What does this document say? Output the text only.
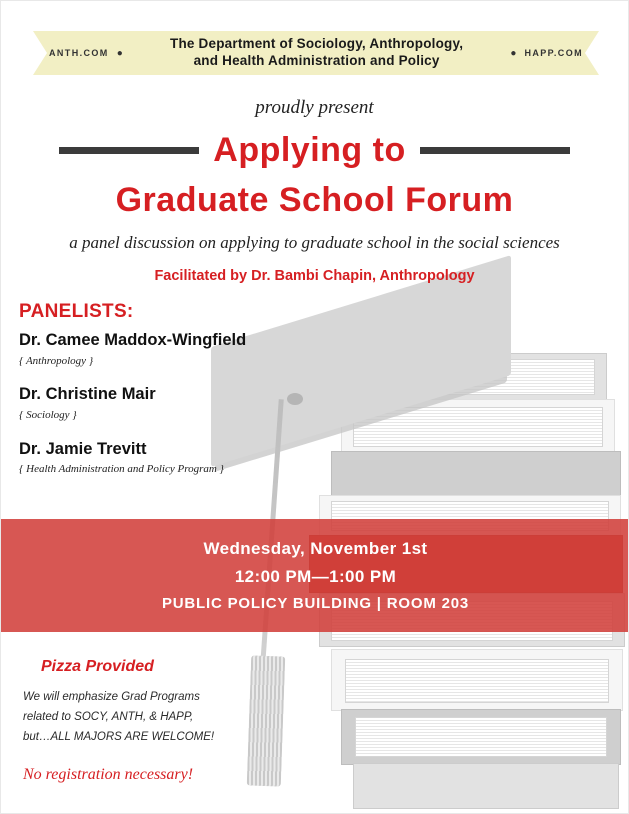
ANTH.COM ●
The Department of Sociology, Anthropology,
and Health Administration and Policy	● HAPP.COM
proudly present
Applying to
Graduate School Forum
a panel discussion on applying to graduate school in the social sciences
Facilitated by Dr. Bambi Chapin, Anthropology
PANELISTS:
Dr. Camee Maddox-Wingfield
{ Anthropology }
Dr. Christine Mair
{ Sociology }
Dr. Jamie Trevitt
{ Health Administration and Policy Program }
Wednesday, November 1st
12:00 PM—1:00 PM
PUBLIC POLICY BUILDING | ROOM 203
Pizza Provided
We will emphasize Grad Programs
related to SOCY, ANTH, & HAPP,
but…ALL MAJORS ARE WELCOME!
No registration necessary!
